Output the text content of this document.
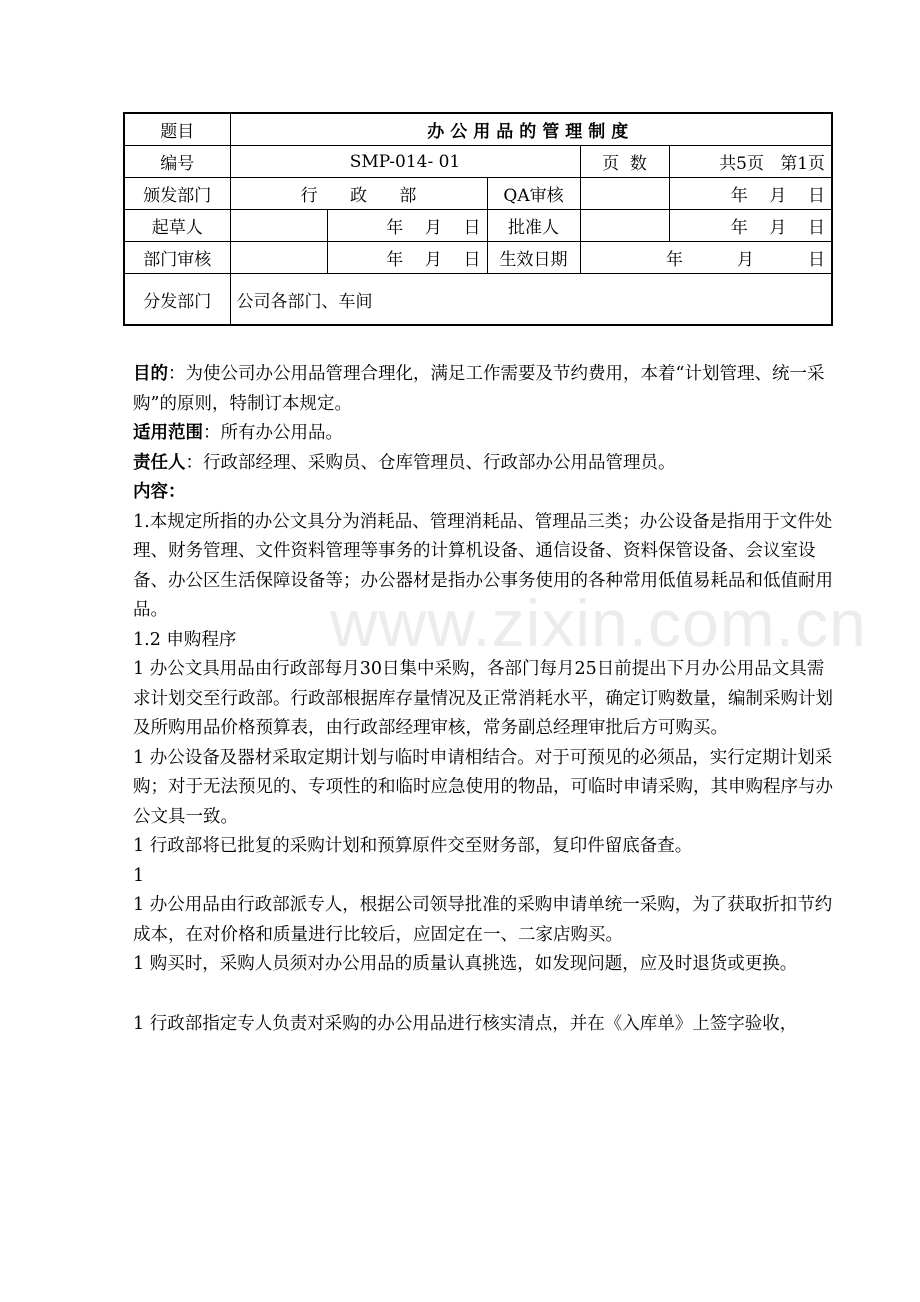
www.zixin.com.cn
题目	办公用品的管理制度				
编号	SMP-014- 01			页  数	共5页   第1页
颁发部门	行      政      部		QA审核		年    月    日
起草人		年    月    日	批准人		年    月    日
部门审核		年    月    日	生效日期	年          月          日	
分发部门	公司各部门、车间				

目的：为使公司办公用品管理合理化，满足工作需要及节约费用，本着“计划管理、统一采购”的原则，特制订本规定。

适用范围：所有办公用品。

责任人：行政部经理、采购员、仓库管理员、行政部办公用品管理员。

内容：

1.本规定所指的办公文具分为消耗品、管理消耗品、管理品三类；办公设备是指用于文件处理、财务管理、文件资料管理等事务的计算机设备、通信设备、资料保管设备、会议室设备、办公区生活保障设备等；办公器材是指办公事务使用的各种常用低值易耗品和低值耐用品。

1.2 申购程序

1 办公文具用品由行政部每月30日集中采购，各部门每月25日前提出下月办公用品文具需求计划交至行政部。行政部根据库存量情况及正常消耗水平，确定订购数量，编制采购计划及所购用品价格预算表，由行政部经理审核，常务副总经理审批后方可购买。

1 办公设备及器材采取定期计划与临时申请相结合。对于可预见的必须品，实行定期计划采购；对于无法预见的、专项性的和临时应急使用的物品，可临时申请采购，其申购程序与办公文具一致。

1 行政部将已批复的采购计划和预算原件交至财务部，复印件留底备查。

1

1 办公用品由行政部派专人，根据公司领导批准的采购申请单统一采购，为了获取折扣节约成本，在对价格和质量进行比较后，应固定在一、二家店购买。

1 购买时，采购人员须对办公用品的质量认真挑选，如发现问题，应及时退货或更换。

1 行政部指定专人负责对采购的办公用品进行核实清点，并在《入库单》上签字验收，
